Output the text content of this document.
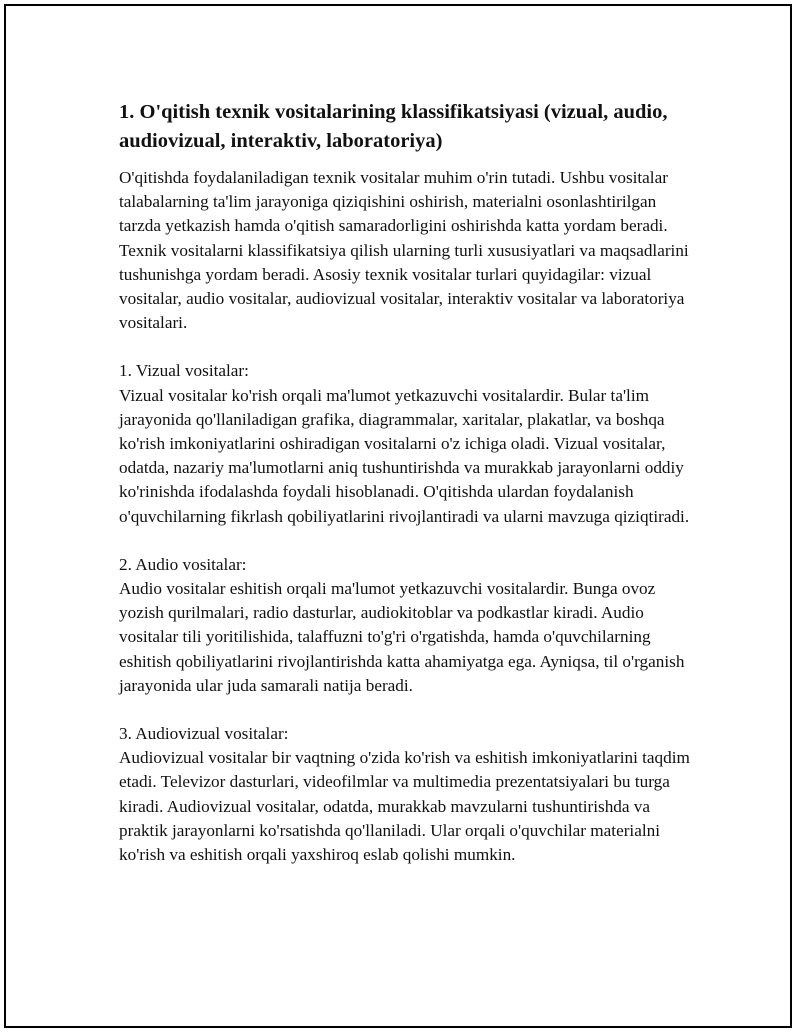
1. O'qitish texnik vositalarining klassifikatsiyasi (vizual, audio, audiovizual, interaktiv, laboratoriya)

O'qitishda foydalaniladigan texnik vositalar muhim o'rin tutadi. Ushbu vositalar talabalarning ta'lim jarayoniga qiziqishini oshirish, materialni osonlashtirilgan tarzda yetkazish hamda o'qitish samaradorligini oshirishda katta yordam beradi. Texnik vositalarni klassifikatsiya qilish ularning turli xususiyatlari va maqsadlarini tushunishga yordam beradi. Asosiy texnik vositalar turlari quyidagilar: vizual vositalar, audio vositalar, audiovizual vositalar, interaktiv vositalar va laboratoriya vositalari.

1. Vizual vositalar:

Vizual vositalar ko'rish orqali ma'lumot yetkazuvchi vositalardir. Bular ta'lim jarayonida qo'llaniladigan grafika, diagrammalar, xaritalar, plakatlar, va boshqa ko'rish imkoniyatlarini oshiradigan vositalarni o'z ichiga oladi. Vizual vositalar, odatda, nazariy ma'lumotlarni aniq tushuntirishda va murakkab jarayonlarni oddiy ko'rinishda ifodalashda foydali hisoblanadi. O'qitishda ulardan foydalanish o'quvchilarning fikrlash qobiliyatlarini rivojlantiradi va ularni mavzuga qiziqtiradi.

2. Audio vositalar:

Audio vositalar eshitish orqali ma'lumot yetkazuvchi vositalardir. Bunga ovoz yozish qurilmalari, radio dasturlar, audiokitoblar va podkastlar kiradi. Audio vositalar tili yoritilishida, talaffuzni to'g'ri o'rgatishda, hamda o'quvchilarning eshitish qobiliyatlarini rivojlantirishda katta ahamiyatga ega. Ayniqsa, til o'rganish jarayonida ular juda samarali natija beradi.

3. Audiovizual vositalar:

Audiovizual vositalar bir vaqtning o'zida ko'rish va eshitish imkoniyatlarini taqdim etadi. Televizor dasturlari, videofilmlar va multimedia prezentatsiyalari bu turga kiradi. Audiovizual vositalar, odatda, murakkab mavzularni tushuntirishda va praktik jarayonlarni ko'rsatishda qo'llaniladi. Ular orqali o'quvchilar materialni ko'rish va eshitish orqali yaxshiroq eslab qolishi mumkin.
